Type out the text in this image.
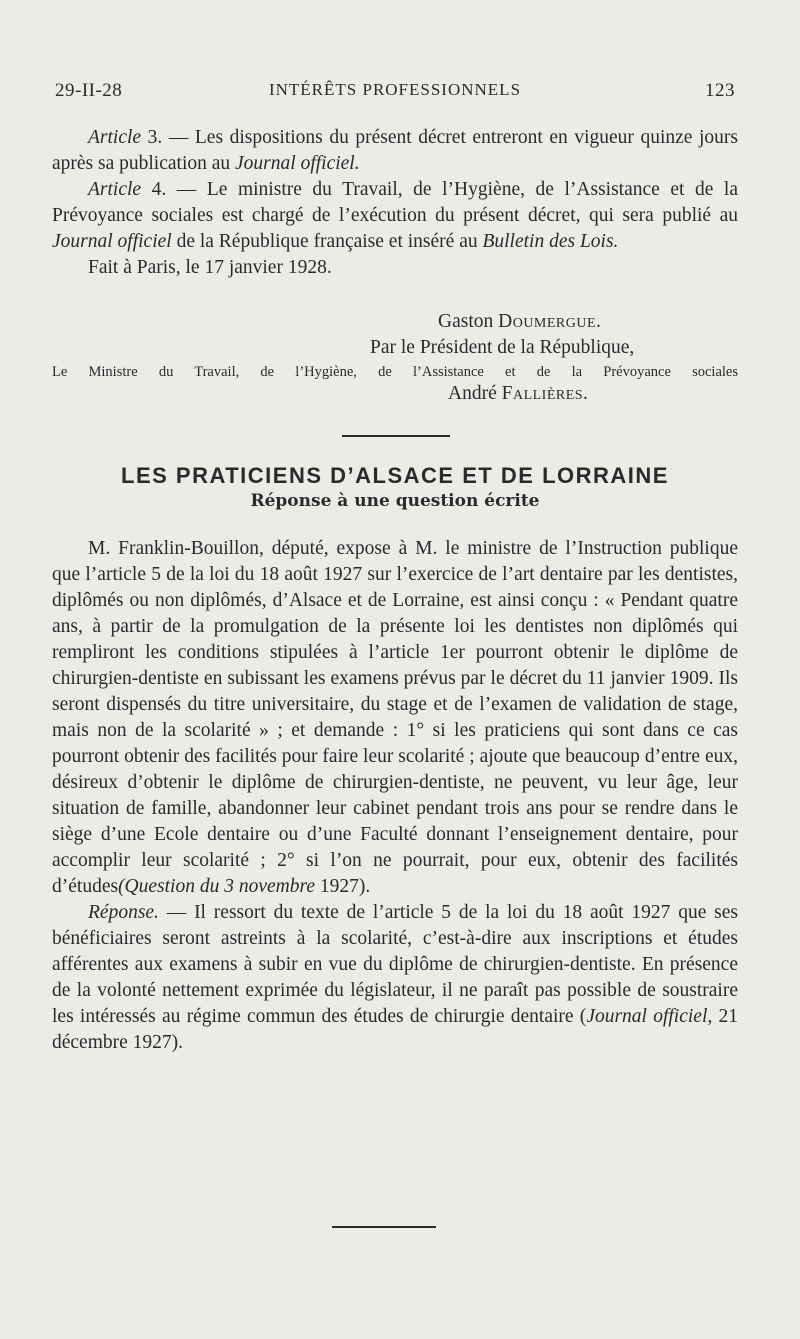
29-II-28	INTÉRÊTS PROFESSIONNELS	123

Article 3. — Les dispositions du présent décret entreront en vigueur quinze jours après sa publication au Journal officiel.

Article 4. — Le ministre du Travail, de l’Hygiène, de l’Assistance et de la Prévoyance sociales est chargé de l’exécution du présent décret, qui sera publié au Journal officiel de la République française et inséré au Bulletin des Lois.

Fait à Paris, le 17 janvier 1928.

Gaston Doumergue.
Par le Président de la République,
Le Ministre du Travail, de l’Hygiène, de l’Assistance et de la Prévoyance sociales
André Fallières.
LES PRATICIENS D’ALSACE ET DE LORRAINE
Réponse à une question écrite

M. Franklin-Bouillon, député, expose à M. le ministre de l’Instruction publique que l’article 5 de la loi du 18 août 1927 sur l’exercice de l’art dentaire par les dentistes, diplômés ou non diplômés, d’Alsace et de Lorraine, est ainsi conçu : « Pendant quatre ans, à partir de la promulgation de la présente loi les dentistes non diplômés qui rempliront les conditions stipulées à l’article 1er pourront obtenir le diplôme de chirurgien-dentiste en subissant les examens prévus par le décret du 11 janvier 1909. Ils seront dispensés du titre universitaire, du stage et de l’examen de validation de stage, mais non de la scolarité » ; et demande : 1° si les praticiens qui sont dans ce cas pourront obtenir des facilités pour faire leur scolarité ; ajoute que beaucoup d’entre eux, désireux d’obtenir le diplôme de chirurgien-dentiste, ne peuvent, vu leur âge, leur situation de famille, abandonner leur cabinet pendant trois ans pour se rendre dans le siège d’une Ecole dentaire ou d’une Faculté donnant l’enseignement dentaire, pour accomplir leur scolarité ; 2° si l’on ne pourrait, pour eux, obtenir des facilités d’études(Question du 3 novembre 1927).

Réponse. — Il ressort du texte de l’article 5 de la loi du 18 août 1927 que ses bénéficiaires seront astreints à la scolarité, c’est-à-dire aux inscriptions et études afférentes aux examens à subir en vue du diplôme de chirurgien-dentiste. En présence de la volonté nettement exprimée du législateur, il ne paraît pas possible de soustraire les intéressés au régime commun des études de chirurgie dentaire (Journal officiel, 21 décembre 1927).
